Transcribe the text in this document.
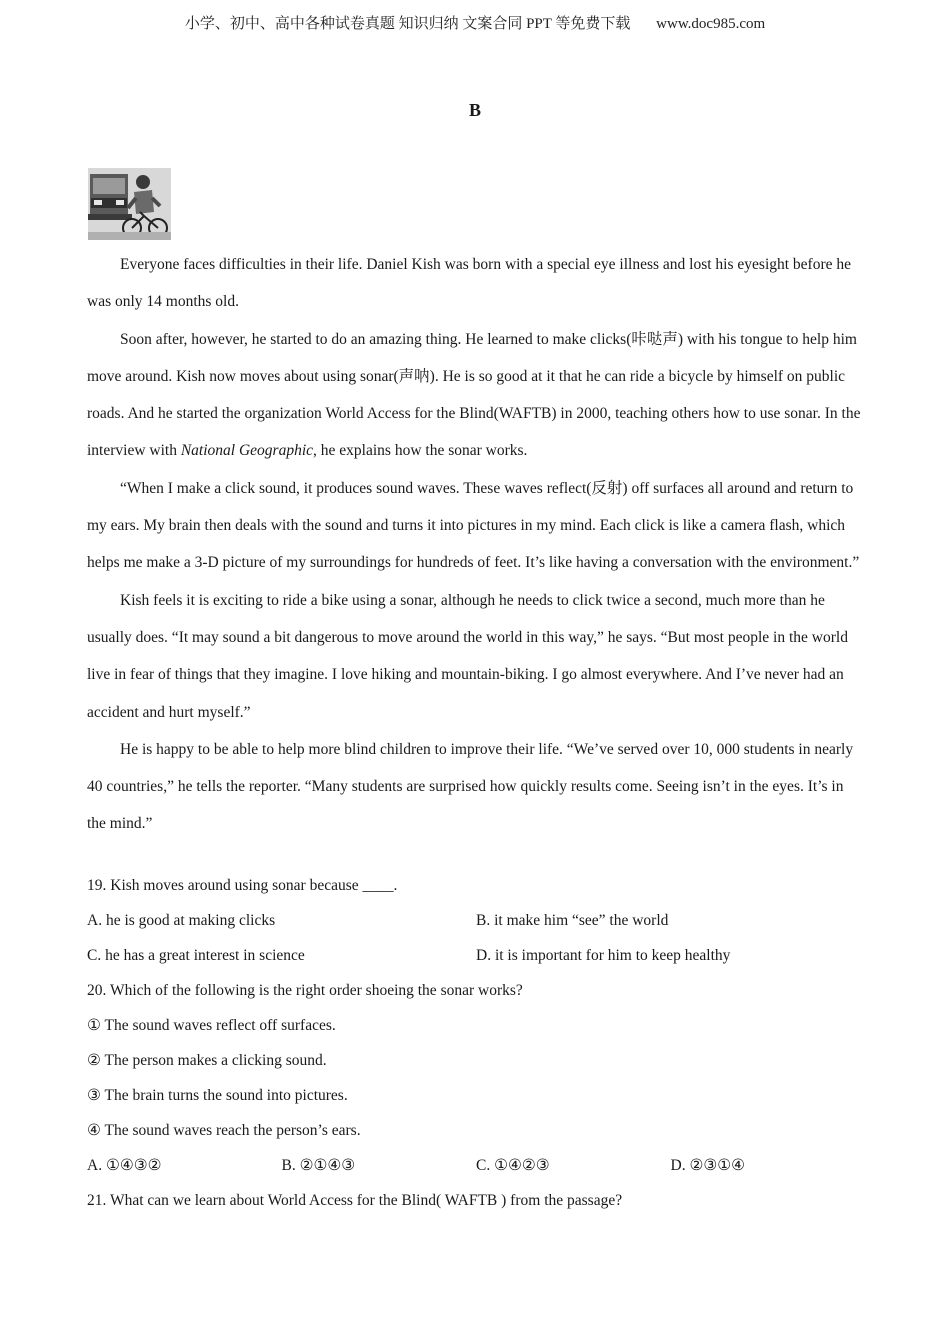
小学、初中、高中各种试卷真题 知识归纳 文案合同 PPT 等免费下载 www.doc985.com
B

Everyone faces difficulties in their life. Daniel Kish was born with a special eye illness and lost his eyesight before he was only 14 months old.

Soon after, however, he started to do an amazing thing. He learned to make clicks(咔哒声) with his tongue to help him move around. Kish now moves about using sonar(声呐). He is so good at it that he can ride a bicycle by himself on public roads. And he started the organization World Access for the Blind(WAFTB) in 2000, teaching others how to use sonar. In the interview with National Geographic, he explains how the sonar works.

“When I make a click sound, it produces sound waves. These waves reflect(反射) off surfaces all around and return to my ears. My brain then deals with the sound and turns it into pictures in my mind. Each click is like a camera flash, which helps me make a 3-D picture of my surroundings for hundreds of feet. It’s like having a conversation with the environment.”

Kish feels it is exciting to ride a bike using a sonar, although he needs to click twice a second, much more than he usually does. “It may sound a bit dangerous to move around the world in this way,” he says. “But most people in the world live in fear of things that they imagine. I love hiking and mountain-biking. I go almost everywhere. And I’ve never had an accident and hurt myself.”

He is happy to be able to help more blind children to improve their life. “We’ve served over 10, 000 students in nearly 40 countries,” he tells the reporter. “Many students are surprised how quickly results come. Seeing isn’t in the eyes. It’s in the mind.”

19. Kish moves around using sonar because ____.
A. he is good at making clicks	B. it make him “see” the world
C. he has a great interest in science	D. it is important for him to keep healthy
20. Which of the following is the right order shoeing the sonar works?
① The sound waves reflect off surfaces.
② The person makes a clicking sound.
③ The brain turns the sound into pictures.
④ The sound waves reach the person’s ears.
A. ①④③②	B. ②①④③	C. ①④②③	D. ②③①④
21. What can we learn about World Access for the Blind( WAFTB ) from the passage?
